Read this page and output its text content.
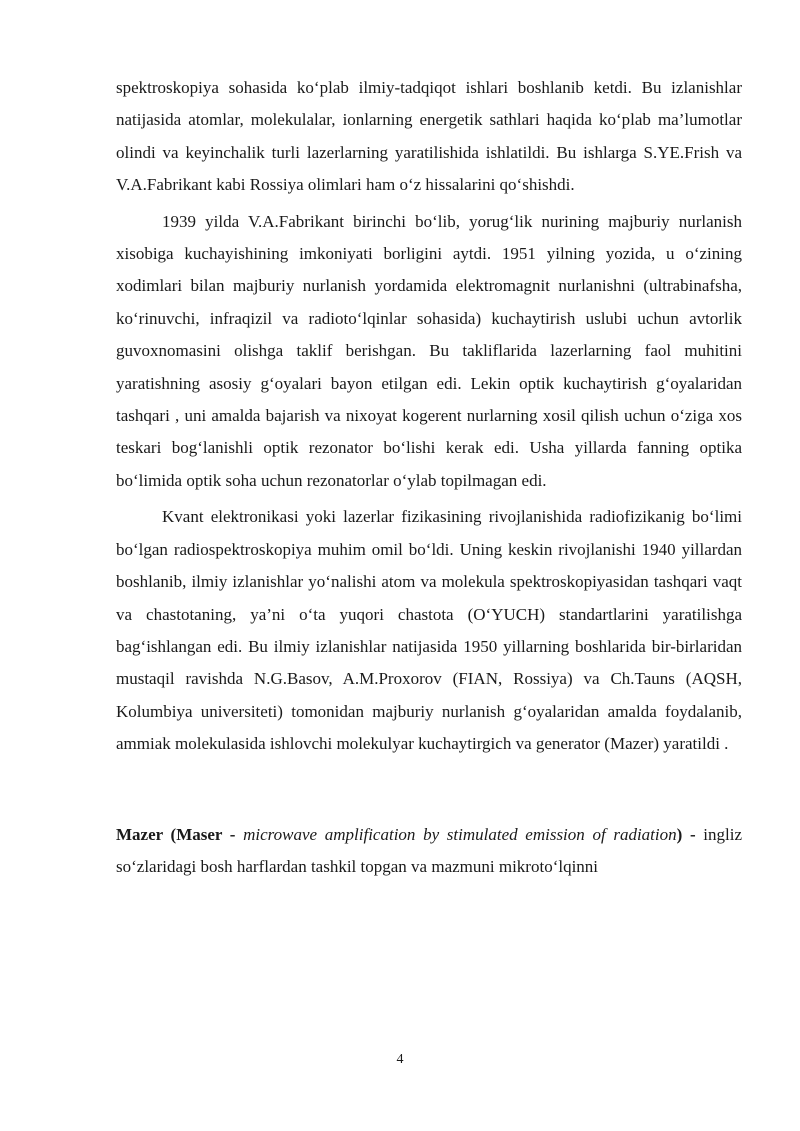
spektroskopiya sohasida ko‘plab ilmiy-tadqiqot ishlari boshlanib ketdi. Bu izlanishlar natijasida atomlar, molekulalar, ionlarning energetik sathlari haqida ko‘plab ma’lumotlar olindi va keyinchalik turli lazerlarning yaratilishida ishlatildi. Bu ishlarga S.YE.Frish va V.A.Fabrikant kabi Rossiya olimlari ham o‘z hissalarini qo‘shishdi.

1939 yilda V.A.Fabrikant birinchi bo‘lib, yorug‘lik nurining majburiy nurlanish xisobiga kuchayishining imkoniyati borligini aytdi. 1951 yilning yozida, u o‘zining xodimlari bilan majburiy nurlanish yordamida elektromagnit nurlanishni (ultrabinafsha, ko‘rinuvchi, infraqizil va radioto‘lqinlar sohasida) kuchaytirish uslubi uchun avtorlik guvoxnomasini olishga taklif berishgan. Bu takliflarida lazerlarning faol muhitini yaratishning asosiy g‘oyalari bayon etilgan edi. Lekin optik kuchaytirish g‘oyalaridan tashqari , uni amalda bajarish va nixoyat kogerent nurlarning xosil qilish uchun o‘ziga xos teskari bog‘lanishli optik rezonator bo‘lishi kerak edi. Usha yillarda fanning optika bo‘limida optik soha uchun rezonatorlar o‘ylab topilmagan edi.

Kvant elektronikasi yoki lazerlar fizikasining rivojlanishida radiofizikanig bo‘limi bo‘lgan radiospektroskopiya muhim omil bo‘ldi. Uning keskin rivojlanishi 1940 yillardan boshlanib, ilmiy izlanishlar yo‘nalishi atom va molekula spektroskopiyasidan tashqari vaqt va chastotaning, ya’ni o‘ta yuqori chastota (O‘YUCH) standartlarini yaratilishga bag‘ishlangan edi. Bu ilmiy izlanishlar natijasida 1950 yillarning boshlarida bir-birlaridan mustaqil ravishda N.G.Basov, A.M.Proxorov (FIAN, Rossiya) va Ch.Tauns (AQSH, Kolumbiya universiteti) tomonidan majburiy nurlanish g‘oyalaridan amalda foydalanib, ammiak molekulasida ishlovchi molekulyar kuchaytirgich va generator (Mazer) yaratildi .

Mazer (Maser - microwave amplification by stimulated emission of radiation) - ingliz so‘zlaridagi bosh harflardan tashkil topgan va mazmuni mikroto‘lqinni

4
